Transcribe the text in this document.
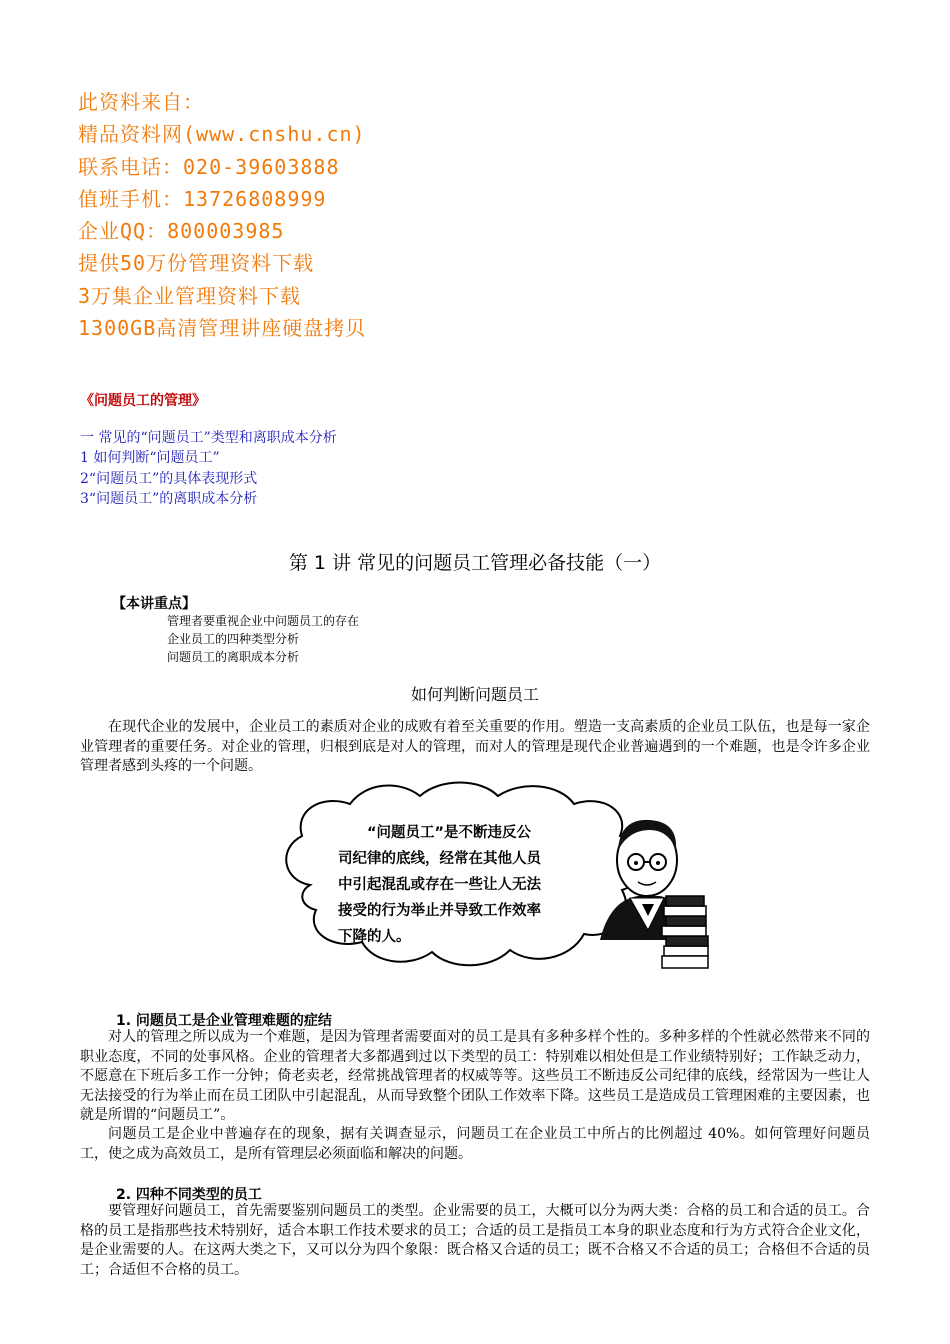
此资料来自：
精品资料网(www.cnshu.cn)
联系电话：020-39603888
值班手机：13726808999
企业QQ：800003985
提供50万份管理资料下载
3万集企业管理资料下载
1300GB高清管理讲座硬盘拷贝
《问题员工的管理》
一 常见的“问题员工”类型和离职成本分析
1 如何判断“问题员工”
2“问题员工”的具体表现形式
3“问题员工”的离职成本分析
第 1 讲 常见的问题员工管理必备技能（一）
【本讲重点】
管理者要重视企业中问题员工的存在
企业员工的四种类型分析
问题员工的离职成本分析
如何判断问题员工

在现代企业的发展中，企业员工的素质对企业的成败有着至关重要的作用。塑造一支高素质的企业员工队伍，也是每一家企业管理者的重要任务。对企业的管理，归根到底是对人的管理，而对人的管理是现代企业普遍遇到的一个难题，也是令许多企业管理者感到头疼的一个问题。

“问题员工”是不断违反公
司纪律的底线，经常在其他人员
中引起混乱或存在一些让人无法
接受的行为举止并导致工作效率
下降的人。
1. 问题员工是企业管理难题的症结

对人的管理之所以成为一个难题，是因为管理者需要面对的员工是具有多种多样个性的。多种多样的个性就必然带来不同的职业态度，不同的处事风格。企业的管理者大多都遇到过以下类型的员工：特别难以相处但是工作业绩特别好；工作缺乏动力，不愿意在下班后多工作一分钟；倚老卖老，经常挑战管理者的权威等等。这些员工不断违反公司纪律的底线，经常因为一些让人无法接受的行为举止而在员工团队中引起混乱，从而导致整个团队工作效率下降。这些员工是造成员工管理困难的主要因素，也就是所谓的“问题员工”。

问题员工是企业中普遍存在的现象，据有关调查显示，问题员工在企业员工中所占的比例超过 40%。如何管理好问题员工，使之成为高效员工，是所有管理层必须面临和解决的问题。

2. 四种不同类型的员工

要管理好问题员工，首先需要鉴别问题员工的类型。企业需要的员工，大概可以分为两大类：合格的员工和合适的员工。合格的员工是指那些技术特别好，适合本职工作技术要求的员工；合适的员工是指员工本身的职业态度和行为方式符合企业文化，是企业需要的人。在这两大类之下，又可以分为四个象限：既合格又合适的员工；既不合格又不合适的员工；合格但不合适的员工；合适但不合格的员工。
